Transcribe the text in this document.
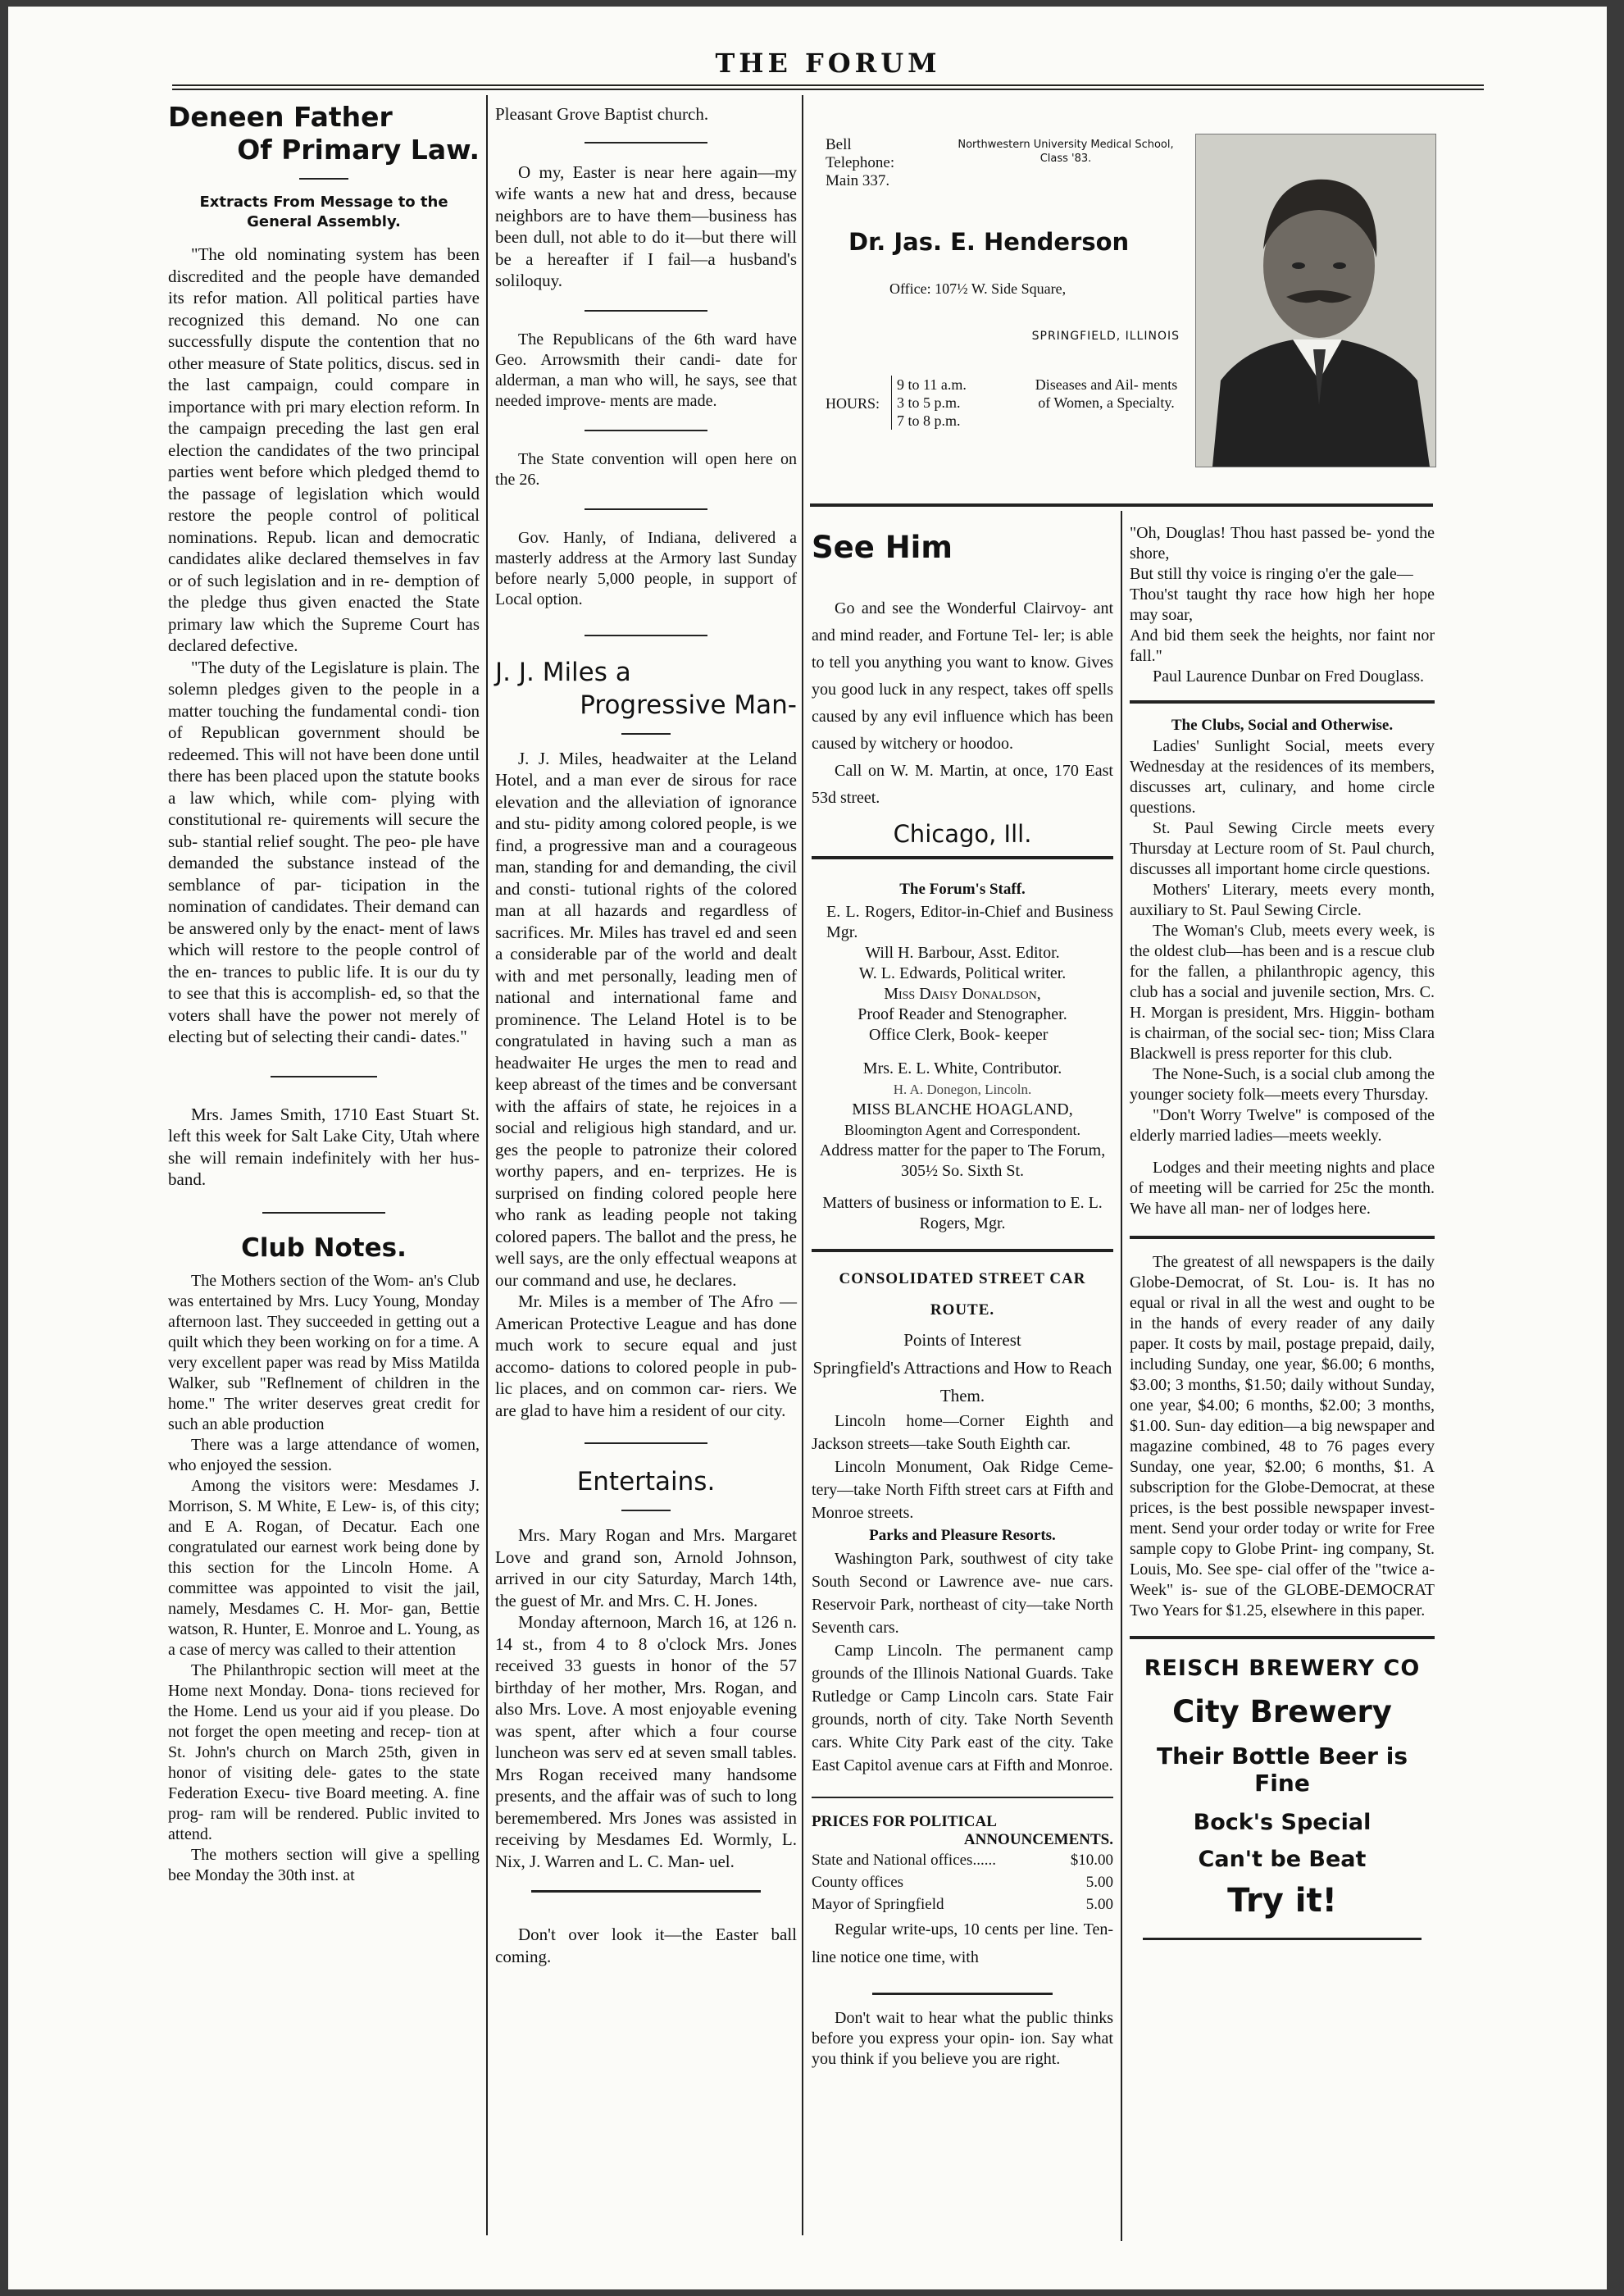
THE FORUM
Deneen Father
Of Primary Law.
Extracts From Message to the General Assembly.

"The old nominating system has been discredited and the people have demanded its refor mation. All political parties have recognized this demand. No one can successfully dispute the contention that no other measure of State politics, discus. sed in the last campaign, could compare in importance with pri mary election reform. In the campaign preceding the last gen eral election the candidates of the two principal parties went before which pledged themd to the passage of legislation which would restore the people control of political nominations. Repub. lican and democratic candidates alike declared themselves in fav or of such legislation and in re- demption of the pledge thus given enacted the State primary law which the Supreme Court has declared defective.

"The duty of the Legislature is plain. The solemn pledges given to the people in a matter touching the fundamental condi- tion of Republican government should be redeemed. This will not have been done until there has been placed upon the statute books a law which, while com- plying with constitutional re- quirements will secure the sub- stantial relief sought. The peo- ple have demanded the substance instead of the semblance of par- ticipation in the nomination of candidates. Their demand can be answered only by the enact- ment of laws which will restore to the people control of the en- trances to public life. It is our du ty to see that this is accomplish- ed, so that the voters shall have the power not merely of electing but of selecting their candi- dates."

Mrs. James Smith, 1710 East Stuart St. left this week for Salt Lake City, Utah where she will remain indefinitely with her hus- band.

Club Notes.

The Mothers section of the Wom- an's Club was entertained by Mrs. Lucy Young, Monday afternoon last. They succeeded in getting out a quilt which they been working on for a time. A very excellent paper was read by Miss Matilda Walker, sub "Reflnement of children in the home." The writer deserves great credit for such an able production

There was a large attendance of women, who enjoyed the session.

Among the visitors were: Mesdames J. Morrison, S. M White, E Lew- is, of this city; and E A. Rogan, of Decatur. Each one congratulated our earnest work being done by this section for the Lincoln Home. A committee was appointed to visit the jail, namely, Mesdames C. H. Mor- gan, Bettie watson, R. Hunter, E. Monroe and L. Young, as a case of mercy was called to their attention

The Philanthropic section will meet at the Home next Monday. Dona- tions recieved for the Home. Lend us your aid if you please. Do not forget the open meeting and recep- tion at St. John's church on March 25th, given in honor of visiting dele- gates to the state Federation Execu- tive Board meeting. A. fine prog- ram will be rendered. Public invited to attend.

The mothers section will give a spelling bee Monday the 30th inst. at

Pleasant Grove Baptist church.

O my, Easter is near here again—my wife wants a new hat and dress, because neighbors are to have them—business has been dull, not able to do it—but there will be a hereafter if I fail—a husband's soliloquy.

The Republicans of the 6th ward have Geo. Arrowsmith their candi- date for alderman, a man who will, he says, see that needed improve- ments are made.

The State convention will open here on the 26.

Gov. Hanly, of Indiana, delivered a masterly address at the Armory last Sunday before nearly 5,000 people, in support of Local option.

J. J. Miles a
Progressive Man-

J. J. Miles, headwaiter at the Leland Hotel, and a man ever de sirous for race elevation and the alleviation of ignorance and stu- pidity among colored people, is we find, a progressive man and a courageous man, standing for and demanding, the civil and consti- tutional rights of the colored man at all hazards and regardless of sacrifices. Mr. Miles has travel ed and seen a considerable par of the world and dealt with and met personally, leading men of national and international fame and prominence. The Leland Hotel is to be congratulated in having such a man as headwaiter He urges the men to read and keep abreast of the times and be conversant with the affairs of state, he rejoices in a social and religious high standard, and ur. ges the people to patronize their colored worthy papers, and en- terprizes. He is surprised on finding colored people here who rank as leading people not taking colored papers. The ballot and the press, he well says, are the only effectual weapons at our command and use, he declares.

Mr. Miles is a member of The Afro — American Protective League and has done much work to secure equal and just accomo- dations to colored people in pub- lic places, and on common car- riers. We are glad to have him a resident of our city.

Entertains.

Mrs. Mary Rogan and Mrs. Margaret Love and grand son, Arnold Johnson, arrived in our city Saturday, March 14th, the guest of Mr. and Mrs. C. H. Jones.

Monday afternoon, March 16, at 126 n. 14 st., from 4 to 8 o'clock Mrs. Jones received 33 guests in honor of the 57 birthday of her mother, Mrs. Rogan, and also Mrs. Love. A most enjoyable evening was spent, after which a four course luncheon was serv ed at seven small tables. Mrs Rogan received many handsome presents, and the affair was of such to long beremembered. Mrs Jones was assisted in receiving by Mesdames Ed. Wormly, L. Nix, J. Warren and L. C. Man- uel.

Don't over look it—the Easter ball coming.

Bell Telephone: Main 337.
Northwestern University Medical School, Class '83.
Dr. Jas. E. Henderson
Office: 107½ W. Side Square,
SPRINGFIELD, ILLINOIS
HOURS:
9 to 11 a.m.
3 to 5 p.m.
7 to 8 p.m.
Diseases and Ail- ments of Women, a Specialty.
See Him

Go and see the Wonderful Clairvoy- ant and mind reader, and Fortune Tel- ler; is able to tell you anything you want to know. Gives you good luck in any respect, takes off spells caused by any evil influence which has been caused by witchery or hoodoo.

Call on W. M. Martin, at once, 170 East 53d street.

Chicago, Ill.
The Forum's Staff.

E. L. Rogers, Editor-in-Chief and Business Mgr.

Will H. Barbour, Asst. Editor.

W. L. Edwards, Political writer.

Miss Daisy Donaldson,

Proof Reader and Stenographer.

Office Clerk, Book- keeper

Mrs. E. L. White, Contributor.

H. A. Donegon, Lincoln.

MISS BLANCHE HOAGLAND,

Bloomington Agent and Correspondent.

Address matter for the paper to The Forum, 305½ So. Sixth St.

Matters of business or information to E. L. Rogers, Mgr.

CONSOLIDATED STREET CAR
ROUTE.

Points of Interest

Springfield's Attractions and How to Reach Them.

Lincoln home—Corner Eighth and Jackson streets—take South Eighth car.

Lincoln Monument, Oak Ridge Ceme- tery—take North Fifth street cars at Fifth and Monroe streets.

Parks and Pleasure Resorts.

Washington Park, southwest of city take South Second or Lawrence ave- nue cars. Reservoir Park, northeast of city—take North Seventh cars.

Camp Lincoln. The permanent camp grounds of the Illinois National Guards. Take Rutledge or Camp Lincoln cars. State Fair grounds, north of city. Take North Seventh cars. White City Park east of the city. Take East Capitol avenue cars at Fifth and Monroe.

PRICES FOR POLITICAL
ANNOUNCEMENTS.
State and National offices......	$10.00
County offices	5.00
Mayor of Springfield	5.00

Regular write-ups, 10 cents per line. Ten-line notice one time, with

Don't wait to hear what the public thinks before you express your opin- ion. Say what you think if you believe you are right.

"Oh, Douglas! Thou hast passed be- yond the shore,

But still thy voice is ringing o'er the gale—

Thou'st taught thy race how high her hope may soar,

And bid them seek the heights, nor faint nor fall."

Paul Laurence Dunbar on Fred Douglass.

The Clubs, Social and Otherwise.

Ladies' Sunlight Social, meets every Wednesday at the residences of its members, discusses art, culinary, and home circle questions.

St. Paul Sewing Circle meets every Thursday at Lecture room of St. Paul church, discusses all important home circle questions.

Mothers' Literary, meets every month, auxiliary to St. Paul Sewing Circle.

The Woman's Club, meets every week, is the oldest club—has been and is a rescue club for the fallen, a philanthropic agency, this club has a social and juvenile section, Mrs. C. H. Morgan is president, Mrs. Higgin- botham is chairman, of the social sec- tion; Miss Clara Blackwell is press reporter for this club.

The None-Such, is a social club among the younger society folk—meets every Thursday.

"Don't Worry Twelve" is composed of the elderly married ladies—meets weekly.

Lodges and their meeting nights and place of meeting will be carried for 25c the month. We have all man- ner of lodges here.

The greatest of all newspapers is the daily Globe-Democrat, of St. Lou- is. It has no equal or rival in all the west and ought to be in the hands of every reader of any daily paper. It costs by mail, postage prepaid, daily, including Sunday, one year, $6.00; 6 months, $3.00; 3 months, $1.50; daily without Sunday, one year, $4.00; 6 months, $2.00; 3 months, $1.00. Sun- day edition—a big newspaper and magazine combined, 48 to 76 pages every Sunday, one year, $2.00; 6 months, $1. A subscription for the Globe-Democrat, at these prices, is the best possible newspaper invest- ment. Send your order today or write for Free sample copy to Globe Print- ing company, St. Louis, Mo. See spe- cial offer of the "twice a-Week" is- sue of the GLOBE-DEMOCRAT Two Years for $1.25, elsewhere in this paper.

REISCH BREWERY CO
City Brewery
Their Bottle Beer is Fine
Bock's Special
Can't be Beat
Try it!
